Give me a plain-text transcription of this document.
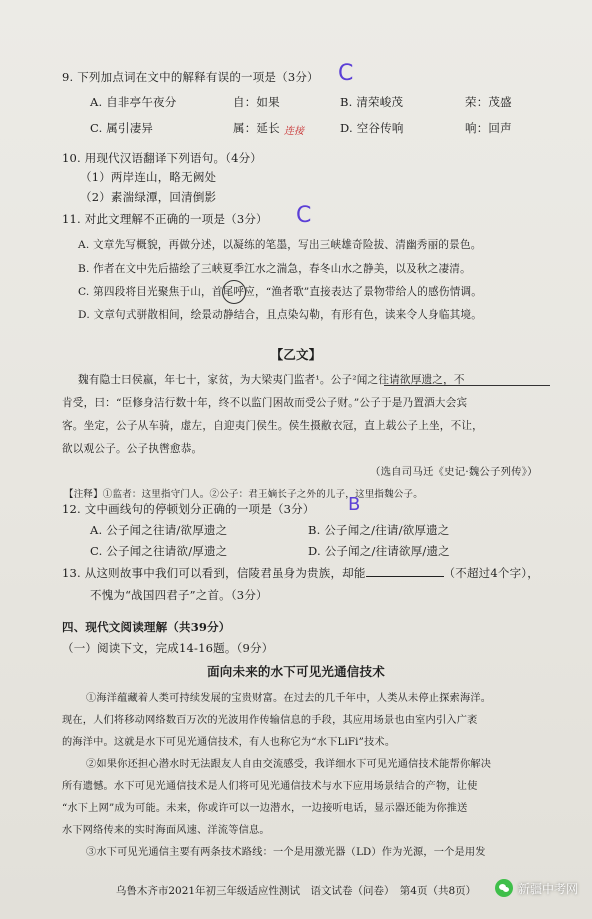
9. 下列加点词在文中的解释有误的一项是（3分） C
A. 自非亭午夜分	自：如果	B. 清荣峻茂	荣：茂盛
C. 属引凄异	属：延长 连接	D. 空谷传响	响：回声
10. 用现代汉语翻译下列语句。（4分）
（1）两岸连山，略无阙处
（2）素湍绿潭，回清倒影
11. 对此文理解不正确的一项是（3分） C
A. 文章先写概貌，再做分述，以凝练的笔墨，写出三峡雄奇险拔、清幽秀丽的景色。
B. 作者在文中先后描绘了三峡夏季江水之湍急，春冬山水之静美，以及秋之凄清。
C. 第四段将目光聚焦于山，首尾呼应，“渔者歌”直接表达了景物带给人的感伤情调。
D. 文章句式骈散相间，绘景动静结合，且点染勾勒，有形有色，读来令人身临其境。
【乙文】
魏有隐士曰侯嬴，年七十，家贫，为大梁夷门监者¹。公子²闻之往请欲厚遗之，不
肯受，曰：“臣修身洁行数十年，终不以监门困故而受公子财。”公子于是乃置酒大会宾
客。坐定，公子从车骑，虚左，自迎夷门侯生。侯生摄敝衣冠，直上载公子上坐，不让，
欲以观公子。公子执辔愈恭。
（选自司马迁《史记·魏公子列传》）
【注释】①监者：这里指守门人。②公子：君王嫡长子之外的儿子，这里指魏公子。
12. 文中画线句的停顿划分正确的一项是（3分） B
A. 公子闻之往请/欲厚遗之	B. 公子闻之/往请/欲厚遗之
C. 公子闻之往请欲/厚遗之	D. 公子闻之/往请欲厚/遗之
13. 从这则故事中我们可以看到，信陵君虽身为贵族，却能	（不超过4个字），
不愧为“战国四君子”之首。（3分）
四、现代文阅读理解（共39分）
（一）阅读下文，完成14-16题。（9分）
面向未来的水下可见光通信技术
①海洋蕴藏着人类可持续发展的宝贵财富。在过去的几千年中，人类从未停止探索海洋。
现在，人们将移动网络数百万次的光波用作传输信息的手段，其应用场景也由室内引入广袤
的海洋中。这就是水下可见光通信技术，有人也称它为“水下LiFi”技术。
②如果你还担心潜水时无法跟友人自由交流感受，我详细水下可见光通信技术能帮你解决
所有遗憾。水下可见光通信技术是人们将可见光通信技术与水下应用场景结合的产物，让使
“水下上网”成为可能。未来，你或许可以一边潜水，一边接听电话，显示器还能为你推送
水下网络传来的实时海面风速、洋流等信息。
③水下可见光通信主要有两条技术路线：一个是用激光器（LD）作为光源，一个是用发
乌鲁木齐市2021年初三年级适应性测试　语文试卷（问卷）　第4页（共8页）	新疆中考网
